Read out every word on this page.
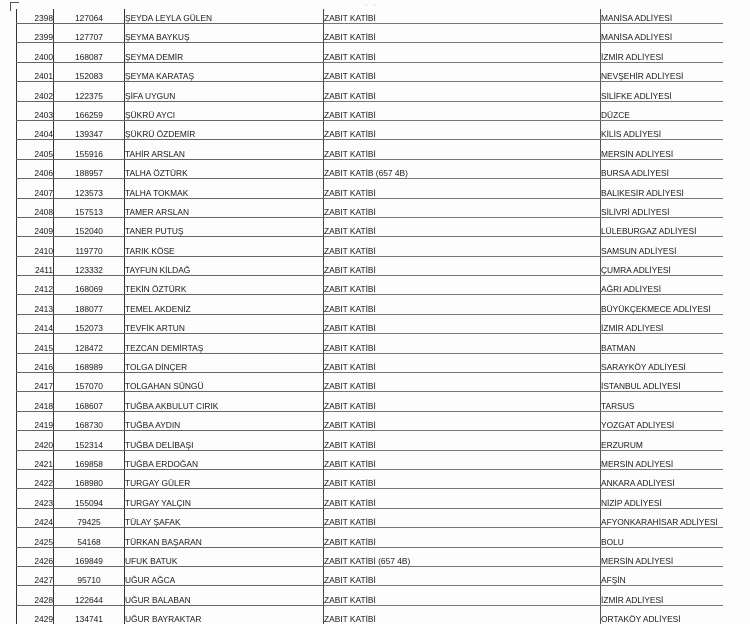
· ·
2398	127064	ŞEYDA LEYLA GÜLEN	ZABIT KATİBİ	MANİSA ADLİYESİ
2399	127707	ŞEYMA BAYKUŞ	ZABIT KATİBİ	MANİSA ADLİYESİ
2400	168087	ŞEYMA DEMİR	ZABIT KATİBİ	İZMİR ADLİYESİ
2401	152083	ŞEYMA KARATAŞ	ZABIT KATİBİ	NEVŞEHİR ADLİYESİ
2402	122375	ŞİFA UYGUN	ZABIT KATİBİ	SİLİFKE ADLİYESİ
2403	166259	ŞÜKRÜ AYCI	ZABIT KATİBİ	DÜZCE
2404	139347	ŞÜKRÜ ÖZDEMİR	ZABIT KATİBİ	KİLİS ADLİYESİ
2405	155916	TAHİR ARSLAN	ZABIT KATİBİ	MERSİN ADLİYESİ
2406	188957	TALHA ÖZTÜRK	ZABIT KATİB (657 4B)	BURSA ADLİYESİ
2407	123573	TALHA TOKMAK	ZABIT KATİBİ	BALIKESİR ADLİYESİ
2408	157513	TAMER ARSLAN	ZABIT KATİBİ	SİLİVRİ ADLİYESİ
2409	152040	TANER PUTUŞ	ZABIT KATİBİ	LÜLEBURGAZ ADLİYESİ
2410	119770	TARIK KÖSE	ZABIT KATİBİ	SAMSUN ADLİYESİ
2411	123332	TAYFUN KİLDAĞ	ZABIT KATİBİ	ÇUMRA ADLİYESİ
2412	168069	TEKİN ÖZTÜRK	ZABIT KATİBİ	AĞRI ADLİYESİ
2413	188077	TEMEL AKDENİZ	ZABIT KATİBİ	BÜYÜKÇEKMECE ADLİYESİ
2414	152073	TEVFİK ARTUN	ZABIT KATİBİ	İZMİR ADLİYESİ
2415	128472	TEZCAN DEMİRTAŞ	ZABIT KATİBİ	BATMAN
2416	168989	TOLGA DİNÇER	ZABIT KATİBİ	SARAYKÖY ADLİYESİ
2417	157070	TOLGAHAN SÜNGÜ	ZABIT KATİBİ	İSTANBUL ADLİYESİ
2418	168607	TUĞBA AKBULUT CIRIK	ZABIT KATİBİ	TARSUS
2419	168730	TUĞBA AYDIN	ZABIT KATİBİ	YOZGAT ADLİYESİ
2420	152314	TUĞBA DELİBAŞI	ZABIT KATİBİ	ERZURUM
2421	169858	TUĞBA ERDOĞAN	ZABIT KATİBİ	MERSİN ADLİYESİ
2422	168980	TURGAY GÜLER	ZABIT KATİBİ	ANKARA ADLİYESİ
2423	155094	TURGAY YALÇIN	ZABIT KATİBİ	NİZİP ADLİYESİ
2424	79425	TÜLAY ŞAFAK	ZABIT KATİBİ	AFYONKARAHİSAR ADLİYESİ
2425	54168	TÜRKAN BAŞARAN	ZABIT KATİBİ	BOLU
2426	169849	UFUK BATUK	ZABIT KATİBİ (657 4B)	MERSİN ADLİYESİ
2427	95710	UĞUR AĞCA	ZABIT KATİBİ	AFŞİN
2428	122644	UĞUR BALABAN	ZABIT KATİBİ	İZMİR ADLİYESİ
2429	134741	UĞUR BAYRAKTAR	ZABIT KATİBİ	ORTAKÖY ADLİYESİ
